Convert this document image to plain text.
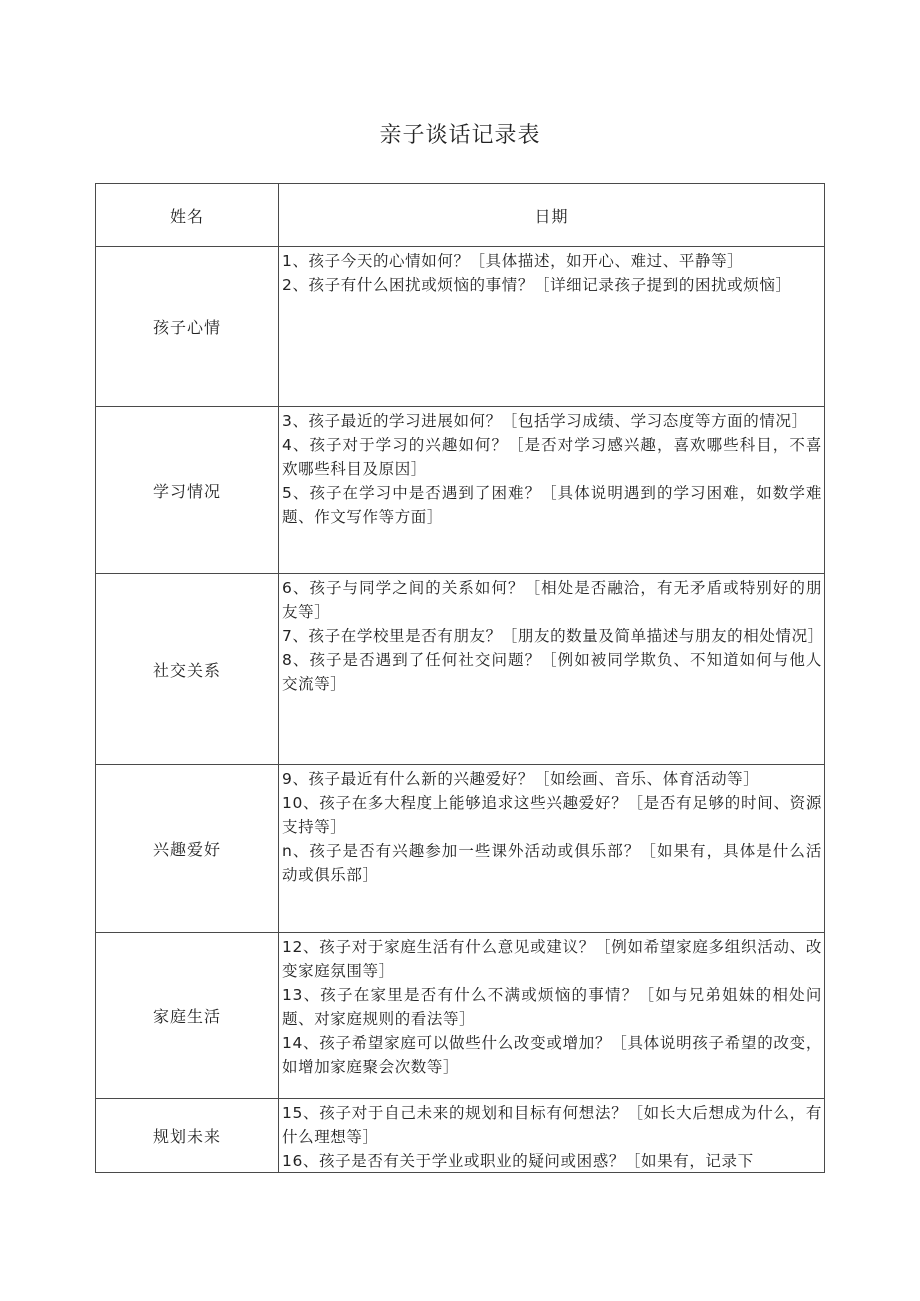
亲子谈话记录表
姓名	日期
孩子心情	1、孩子今天的心情如何？［具体描述，如开心、难过、平静等］
2、孩子有什么困扰或烦恼的事情？［详细记录孩子提到的困扰或烦恼］

学习情况	3、孩子最近的学习进展如何？［包括学习成绩、学习态度等方面的情况］
4、孩子对于学习的兴趣如何？［是否对学习感兴趣，喜欢哪些科目，不喜欢哪些科目及原因］
5、孩子在学习中是否遇到了困难？［具体说明遇到的学习困难，如数学难题、作文写作等方面］

社交关系	6、孩子与同学之间的关系如何？［相处是否融洽，有无矛盾或特别好的朋友等］
7、孩子在学校里是否有朋友？［朋友的数量及简单描述与朋友的相处情况］
8、孩子是否遇到了任何社交问题？［例如被同学欺负、不知道如何与他人交流等］

兴趣爱好	9、孩子最近有什么新的兴趣爱好？［如绘画、音乐、体育活动等］
10、孩子在多大程度上能够追求这些兴趣爱好？［是否有足够的时间、资源支持等］
n、孩子是否有兴趣参加一些课外活动或俱乐部？［如果有，具体是什么活动或俱乐部］

家庭生活	12、孩子对于家庭生活有什么意见或建议？［例如希望家庭多组织活动、改变家庭氛围等］
13、孩子在家里是否有什么不满或烦恼的事情？［如与兄弟姐妹的相处问题、对家庭规则的看法等］
14、孩子希望家庭可以做些什么改变或增加？［具体说明孩子希望的改变，如增加家庭聚会次数等］

规划未来	15、孩子对于自己未来的规划和目标有何想法？［如长大后想成为什么，有什么理想等］
16、孩子是否有关于学业或职业的疑问或困惑？［如果有，记录下
